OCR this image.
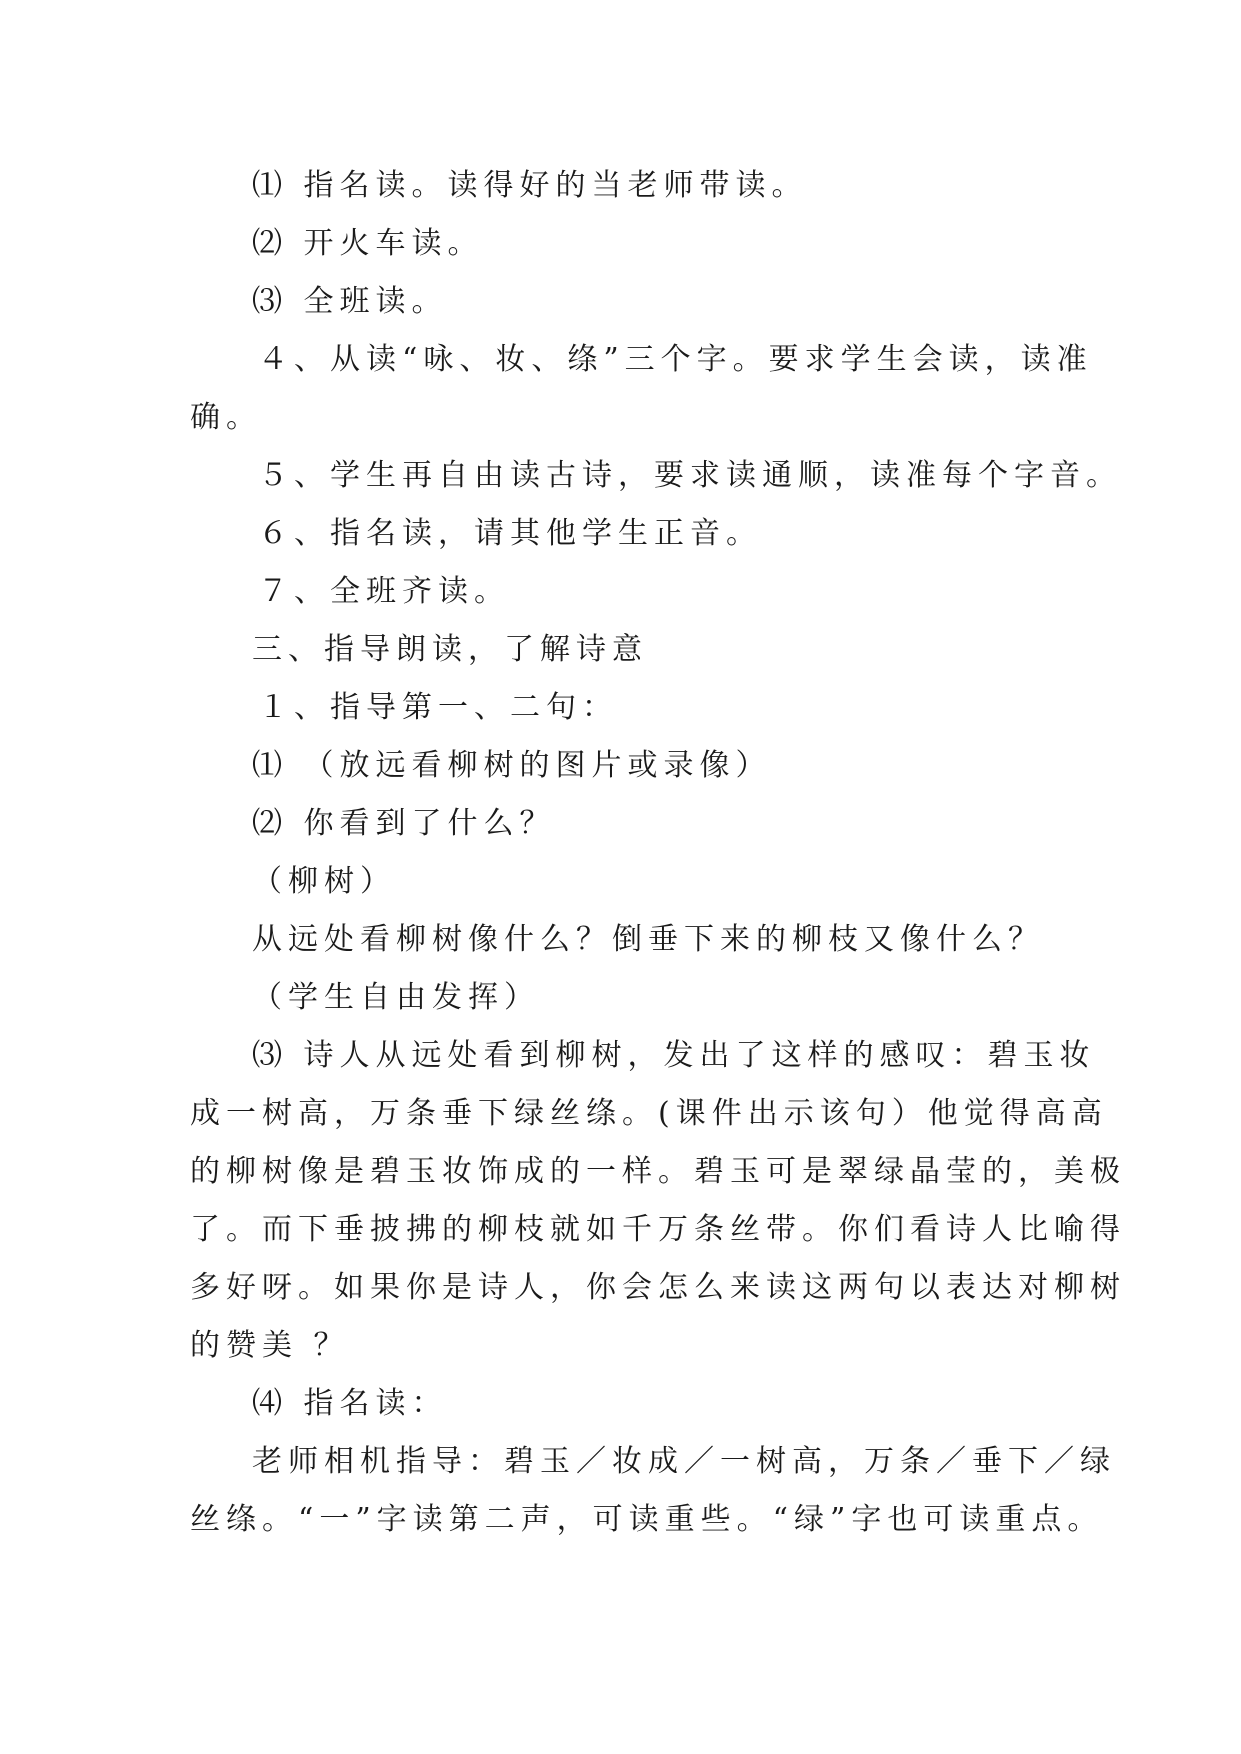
⑴ 指名读。读得好的当老师带读。
⑵ 开火车读。
⑶ 全班读。
４、从读“咏、妆、绦”三个字。要求学生会读，读准
确。
５、学生再自由读古诗，要求读通顺，读准每个字音。
６、指名读，请其他学生正音。
７、全班齐读。
三、指导朗读，了解诗意
１、指导第一、二句：
⑴ （放远看柳树的图片或录像）
⑵ 你看到了什么？
（柳树）
从远处看柳树像什么？倒垂下来的柳枝又像什么？
（学生自由发挥）
⑶ 诗人从远处看到柳树，发出了这样的感叹：碧玉妆
成一树高，万条垂下绿丝绦。(课件出示该句）他觉得高高
的柳树像是碧玉妆饰成的一样。碧玉可是翠绿晶莹的，美极
了。而下垂披拂的柳枝就如千万条丝带。你们看诗人比喻得
多好呀。如果你是诗人，你会怎么来读这两句以表达对柳树
的赞美 ？
⑷ 指名读：
老师相机指导：碧玉／妆成／一树高，万条／垂下／绿
丝绦。“一”字读第二声，可读重些。“绿”字也可读重点。
